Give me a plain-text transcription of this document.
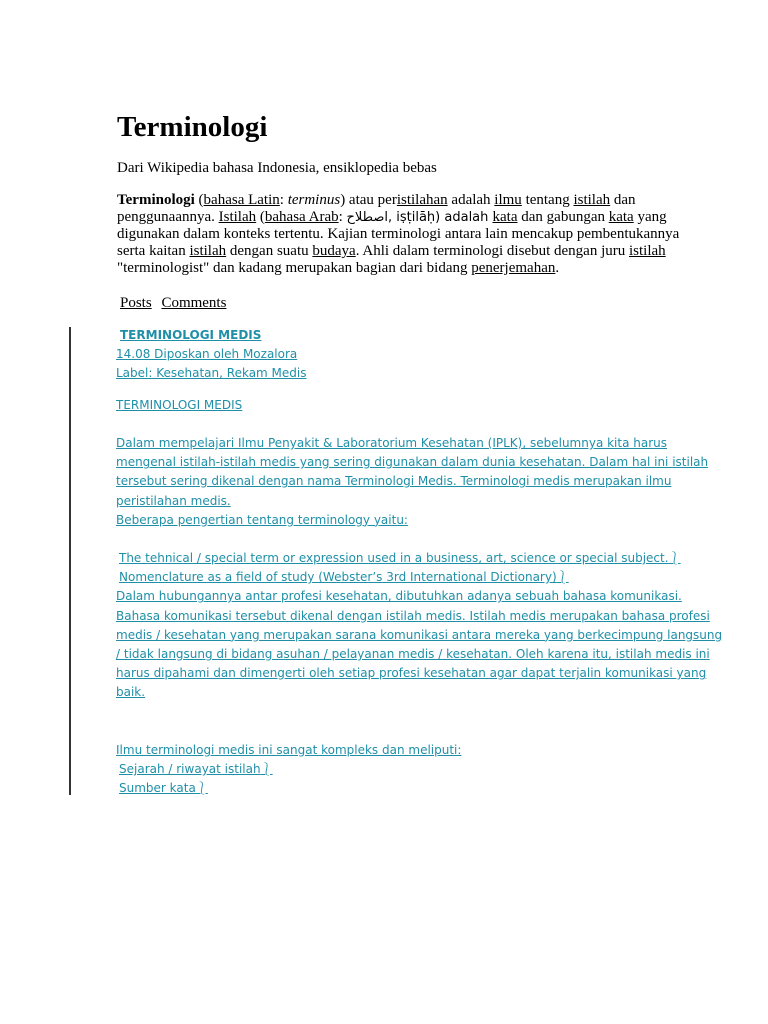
Terminologi
Dari Wikipedia bahasa Indonesia, ensiklopedia bebas
Terminologi (bahasa Latin: terminus) atau peristilahan adalah ilmu tentang istilah dan
penggunaannya. Istilah (bahasa Arab: اصطلاح, iṣṭilāḥ) adalah kata dan gabungan kata yang
digunakan dalam konteks tertentu. Kajian terminologi antara lain mencakup pembentukannya
serta kaitan istilah dengan suatu budaya. Ahli dalam terminologi disebut dengan juru istilah
"terminologist" dan kadang merupakan bagian dari bidang penerjemahan.
Posts Comments
TERMINOLOGI MEDIS
14.08 Diposkan oleh Mozalora
Label: Kesehatan, Rekam Medis
TERMINOLOGI MEDIS
Dalam mempelajari Ilmu Penyakit & Laboratorium Kesehatan (IPLK), sebelumnya kita harus
mengenal istilah-istilah medis yang sering digunakan dalam dunia kesehatan. Dalam hal ini istilah
tersebut sering dikenal dengan nama Terminologi Medis. Terminologi medis merupakan ilmu
peristilahan medis.
Beberapa pengertian tentang terminology yaitu:
The tehnical / special term or expression used in a business, art, science or special subject.⎱
Nomenclature as a field of study (Webster’s 3rd International Dictionary)⎱
Dalam hubungannya antar profesi kesehatan, dibutuhkan adanya sebuah bahasa komunikasi.
Bahasa komunikasi tersebut dikenal dengan istilah medis. Istilah medis merupakan bahasa profesi
medis / kesehatan yang merupakan sarana komunikasi antara mereka yang berkecimpung langsung
/ tidak langsung di bidang asuhan / pelayanan medis / kesehatan. Oleh karena itu, istilah medis ini
harus dipahami dan dimengerti oleh setiap profesi kesehatan agar dapat terjalin komunikasi yang
baik.
Ilmu terminologi medis ini sangat kompleks dan meliputi:
Sejarah / riwayat istilah⎱
Sumber kata⎱
